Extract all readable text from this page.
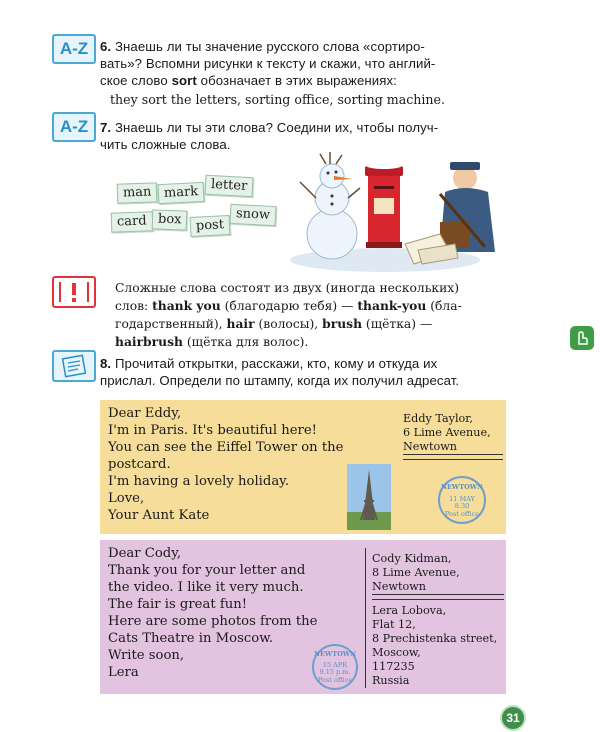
A-Z 6. Знаешь ли ты значение русского слова «сортиро-
вать»? Вспомни рисунки к тексту и скажи, что англий-
ское слово sort обозначает в этих выражениях:
they sort the letters, sorting office, sorting machine.
A-Z 7. Знаешь ли ты эти слова? Соедини их, чтобы получ-
чить сложные слова.
man mark letter
card box	post
snow
Сложные слова состоят из двух (иногда нескольких)
слов: thank you (благодарю тебя) — thank-you (бла-
годарственный), hair (волосы), brush (щётка) —
hairbrush (щётка для волос).
8. Прочитай открытки, расскажи, кто, кому и откуда их
прислал. Определи по штампу, когда их получил адресат.
Dear Eddy,
I'm in Paris. It's beautiful here!
You can see the Eiffel Tower on the
postcard.
I'm having a lovely holiday.
Love,
Your Aunt Kate
Eddy Taylor,
6 Lime Avenue,
Newtown
NEWTOWN
11 MAY
8.30
Post office
Dear Cody,
Thank you for your letter and
the video. I like it very much.
The fair is great fun!
Here are some photos from the
Cats Theatre in Moscow.
Write soon,
Lera
Cody Kidman,
8 Lime Avenue,
Newtown
Lera Lobova,
Flat 12,
8 Prechistenka street,
Moscow,
117235
Russia
NEWTOWN
15 APR
9.15 p.m.
Post office
31
